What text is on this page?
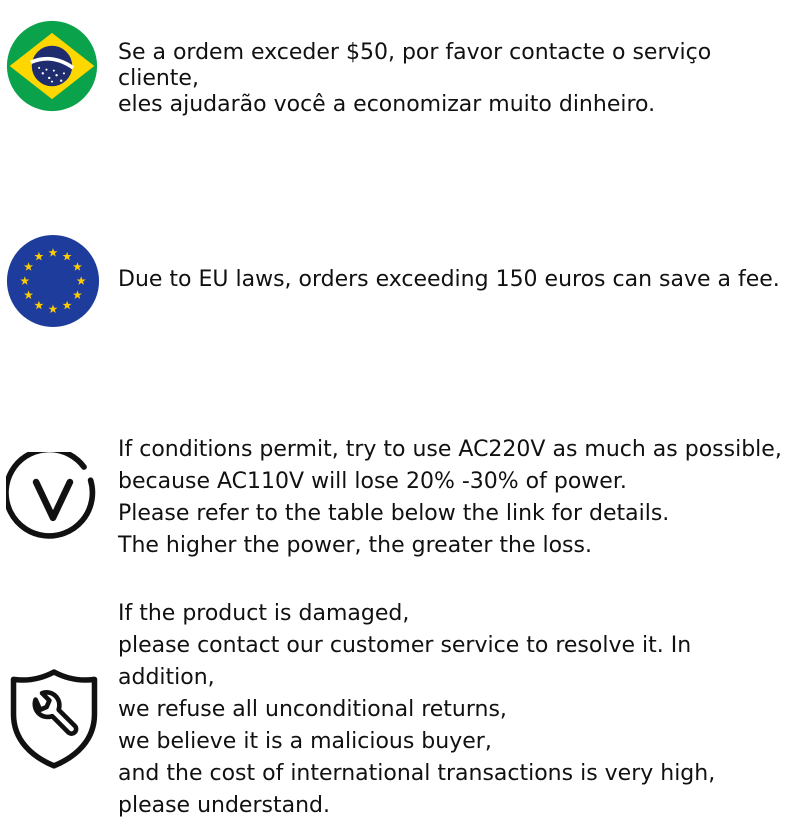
Se a ordem exceder $50, por favor contacte o serviço cliente,
eles ajudarão você a economizar muito dinheiro.

Due to EU laws, orders exceeding 150 euros can save a fee.

If conditions permit, try to use AC220V as much as possible,
because AC110V will lose 20% -30% of power.
Please refer to the table below the link for details.
The higher the power, the greater the loss.

If the product is damaged,
please contact our customer service to resolve it. In addition,
we refuse all unconditional returns,
we believe it is a malicious buyer,
and the cost of international transactions is very high,
please understand.
